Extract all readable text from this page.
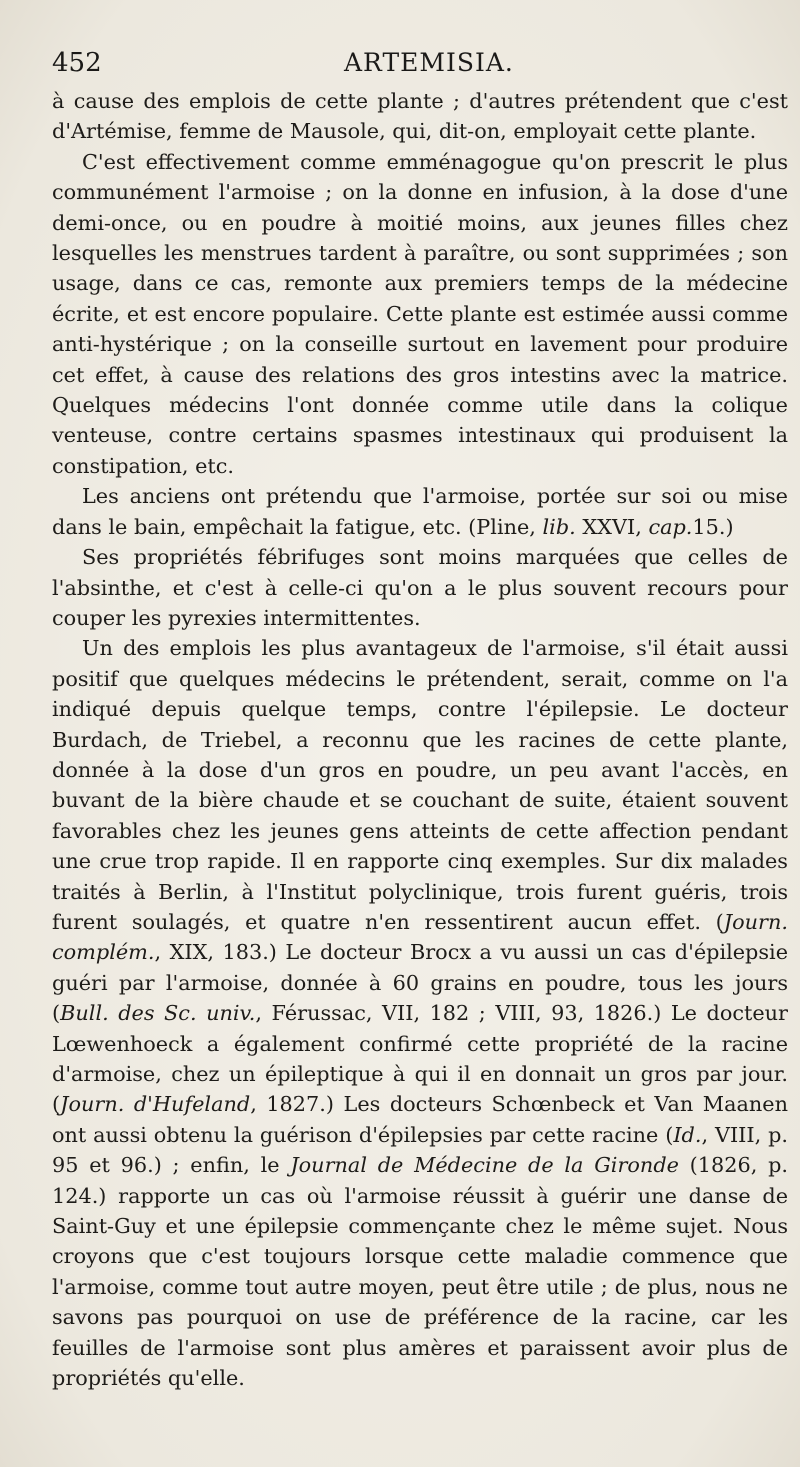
452	ARTEMISIA.

à cause des emplois de cette plante ; d'autres prétendent que c'est d'Artémise, femme de Mausole, qui, dit-on, employait cette plante.

C'est effectivement comme emménagogue qu'on prescrit le plus communément l'armoise ; on la donne en infusion, à la dose d'une demi-once, ou en poudre à moitié moins, aux jeunes filles chez lesquelles les menstrues tardent à paraître, ou sont supprimées ; son usage, dans ce cas, remonte aux premiers temps de la médecine écrite, et est encore populaire. Cette plante est estimée aussi comme anti-hystérique ; on la conseille surtout en lavement pour produire cet effet, à cause des relations des gros intestins avec la matrice. Quelques médecins l'ont donnée comme utile dans la colique venteuse, contre certains spasmes intestinaux qui produisent la constipation, etc.

Les anciens ont prétendu que l'armoise, portée sur soi ou mise dans le bain, empêchait la fatigue, etc. (Pline, lib. XXVI, cap.15.)

Ses propriétés fébrifuges sont moins marquées que celles de l'absinthe, et c'est à celle-ci qu'on a le plus souvent recours pour couper les pyrexies intermittentes.

Un des emplois les plus avantageux de l'armoise, s'il était aussi positif que quelques médecins le prétendent, serait, comme on l'a indiqué depuis quelque temps, contre l'épilepsie. Le docteur Burdach, de Triebel, a reconnu que les racines de cette plante, donnée à la dose d'un gros en poudre, un peu avant l'accès, en buvant de la bière chaude et se couchant de suite, étaient souvent favorables chez les jeunes gens atteints de cette affection pendant une crue trop rapide. Il en rapporte cinq exemples. Sur dix malades traités à Berlin, à l'Institut polyclinique, trois furent guéris, trois furent soulagés, et quatre n'en ressentirent aucun effet. (Journ. complém., XIX, 183.) Le docteur Brocx a vu aussi un cas d'épilepsie guéri par l'armoise, donnée à 60 grains en poudre, tous les jours (Bull. des Sc. univ., Férussac, VII, 182 ; VIII, 93, 1826.) Le docteur Lœwenhoeck a également confirmé cette propriété de la racine d'armoise, chez un épileptique à qui il en donnait un gros par jour. (Journ. d'Hufeland, 1827.) Les docteurs Schœnbeck et Van Maanen ont aussi obtenu la guérison d'épilepsies par cette racine (Id., VIII, p. 95 et 96.) ; enfin, le Journal de Médecine de la Gironde (1826, p. 124.) rapporte un cas où l'armoise réussit à guérir une danse de Saint-Guy et une épilepsie commençante chez le même sujet. Nous croyons que c'est toujours lorsque cette maladie commence que l'armoise, comme tout autre moyen, peut être utile ; de plus, nous ne savons pas pourquoi on use de préférence de la racine, car les feuilles de l'armoise sont plus amères et paraissent avoir plus de propriétés qu'elle.
